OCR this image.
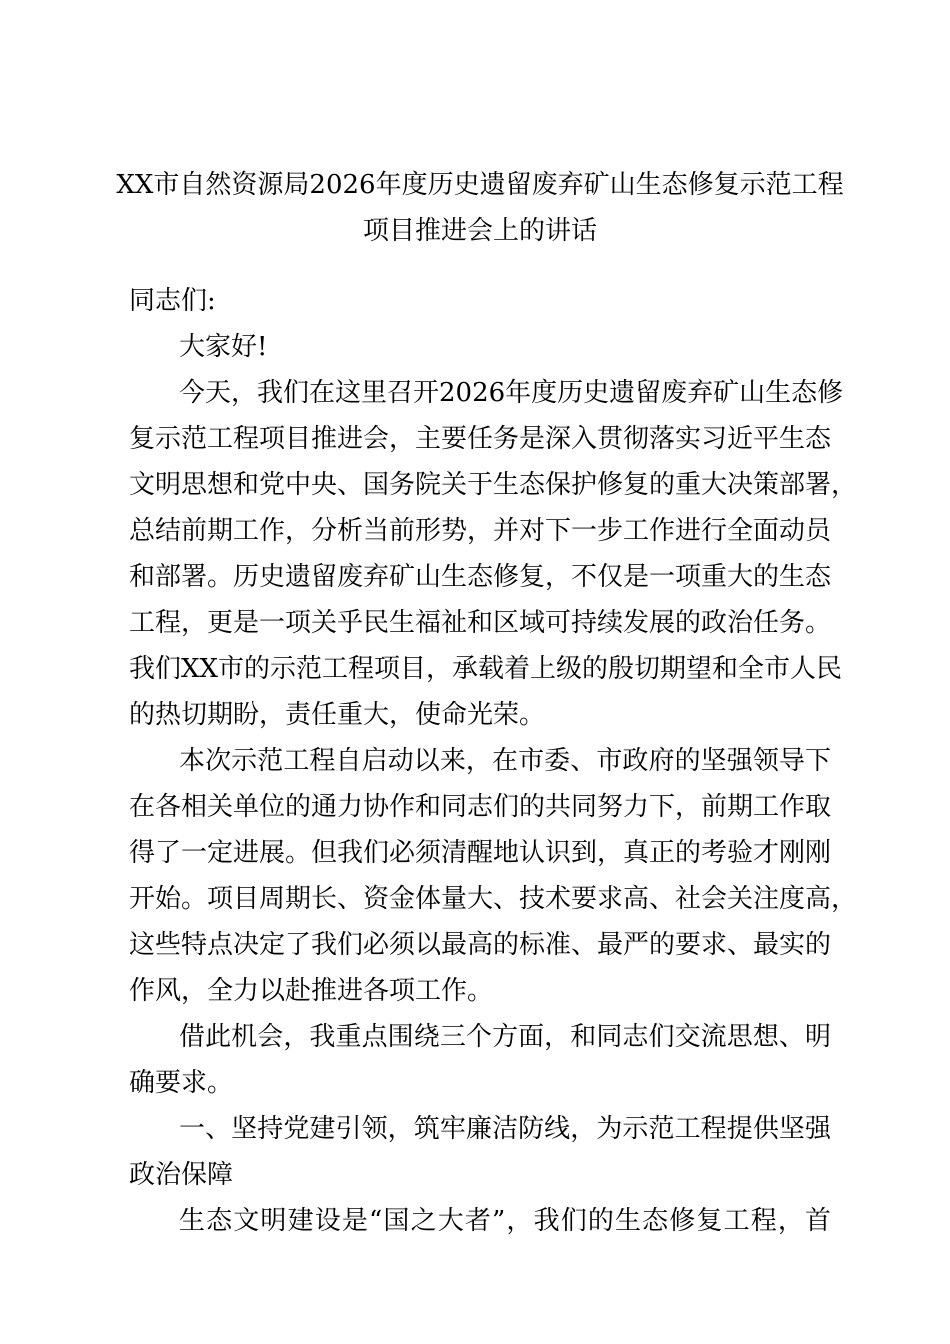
XX市自然资源局2026年度历史遗留废弃矿山生态修复示范工程
项目推进会上的讲话
同志们:
大家好!
今天，我们在这里召开2026年度历史遗留废弃矿山生态修
复示范工程项目推进会，主要任务是深入贯彻落实习近平生态
文明思想和党中央、国务院关于生态保护修复的重大决策部署，
总结前期工作，分析当前形势，并对下一步工作进行全面动员
和部署。历史遗留废弃矿山生态修复，不仅是一项重大的生态
工程，更是一项关乎民生福祉和区域可持续发展的政治任务。
我们XX市的示范工程项目，承载着上级的殷切期望和全市人民
的热切期盼，责任重大，使命光荣。
本次示范工程自启动以来，在市委、市政府的坚强领导下
在各相关单位的通力协作和同志们的共同努力下，前期工作取
得了一定进展。但我们必须清醒地认识到，真正的考验才刚刚
开始。项目周期长、资金体量大、技术要求高、社会关注度高，
这些特点决定了我们必须以最高的标准、最严的要求、最实的
作风，全力以赴推进各项工作。
借此机会，我重点围绕三个方面，和同志们交流思想、明
确要求。
一、坚持党建引领，筑牢廉洁防线，为示范工程提供坚强
政治保障
生态文明建设是“国之大者”，我们的生态修复工程，首
